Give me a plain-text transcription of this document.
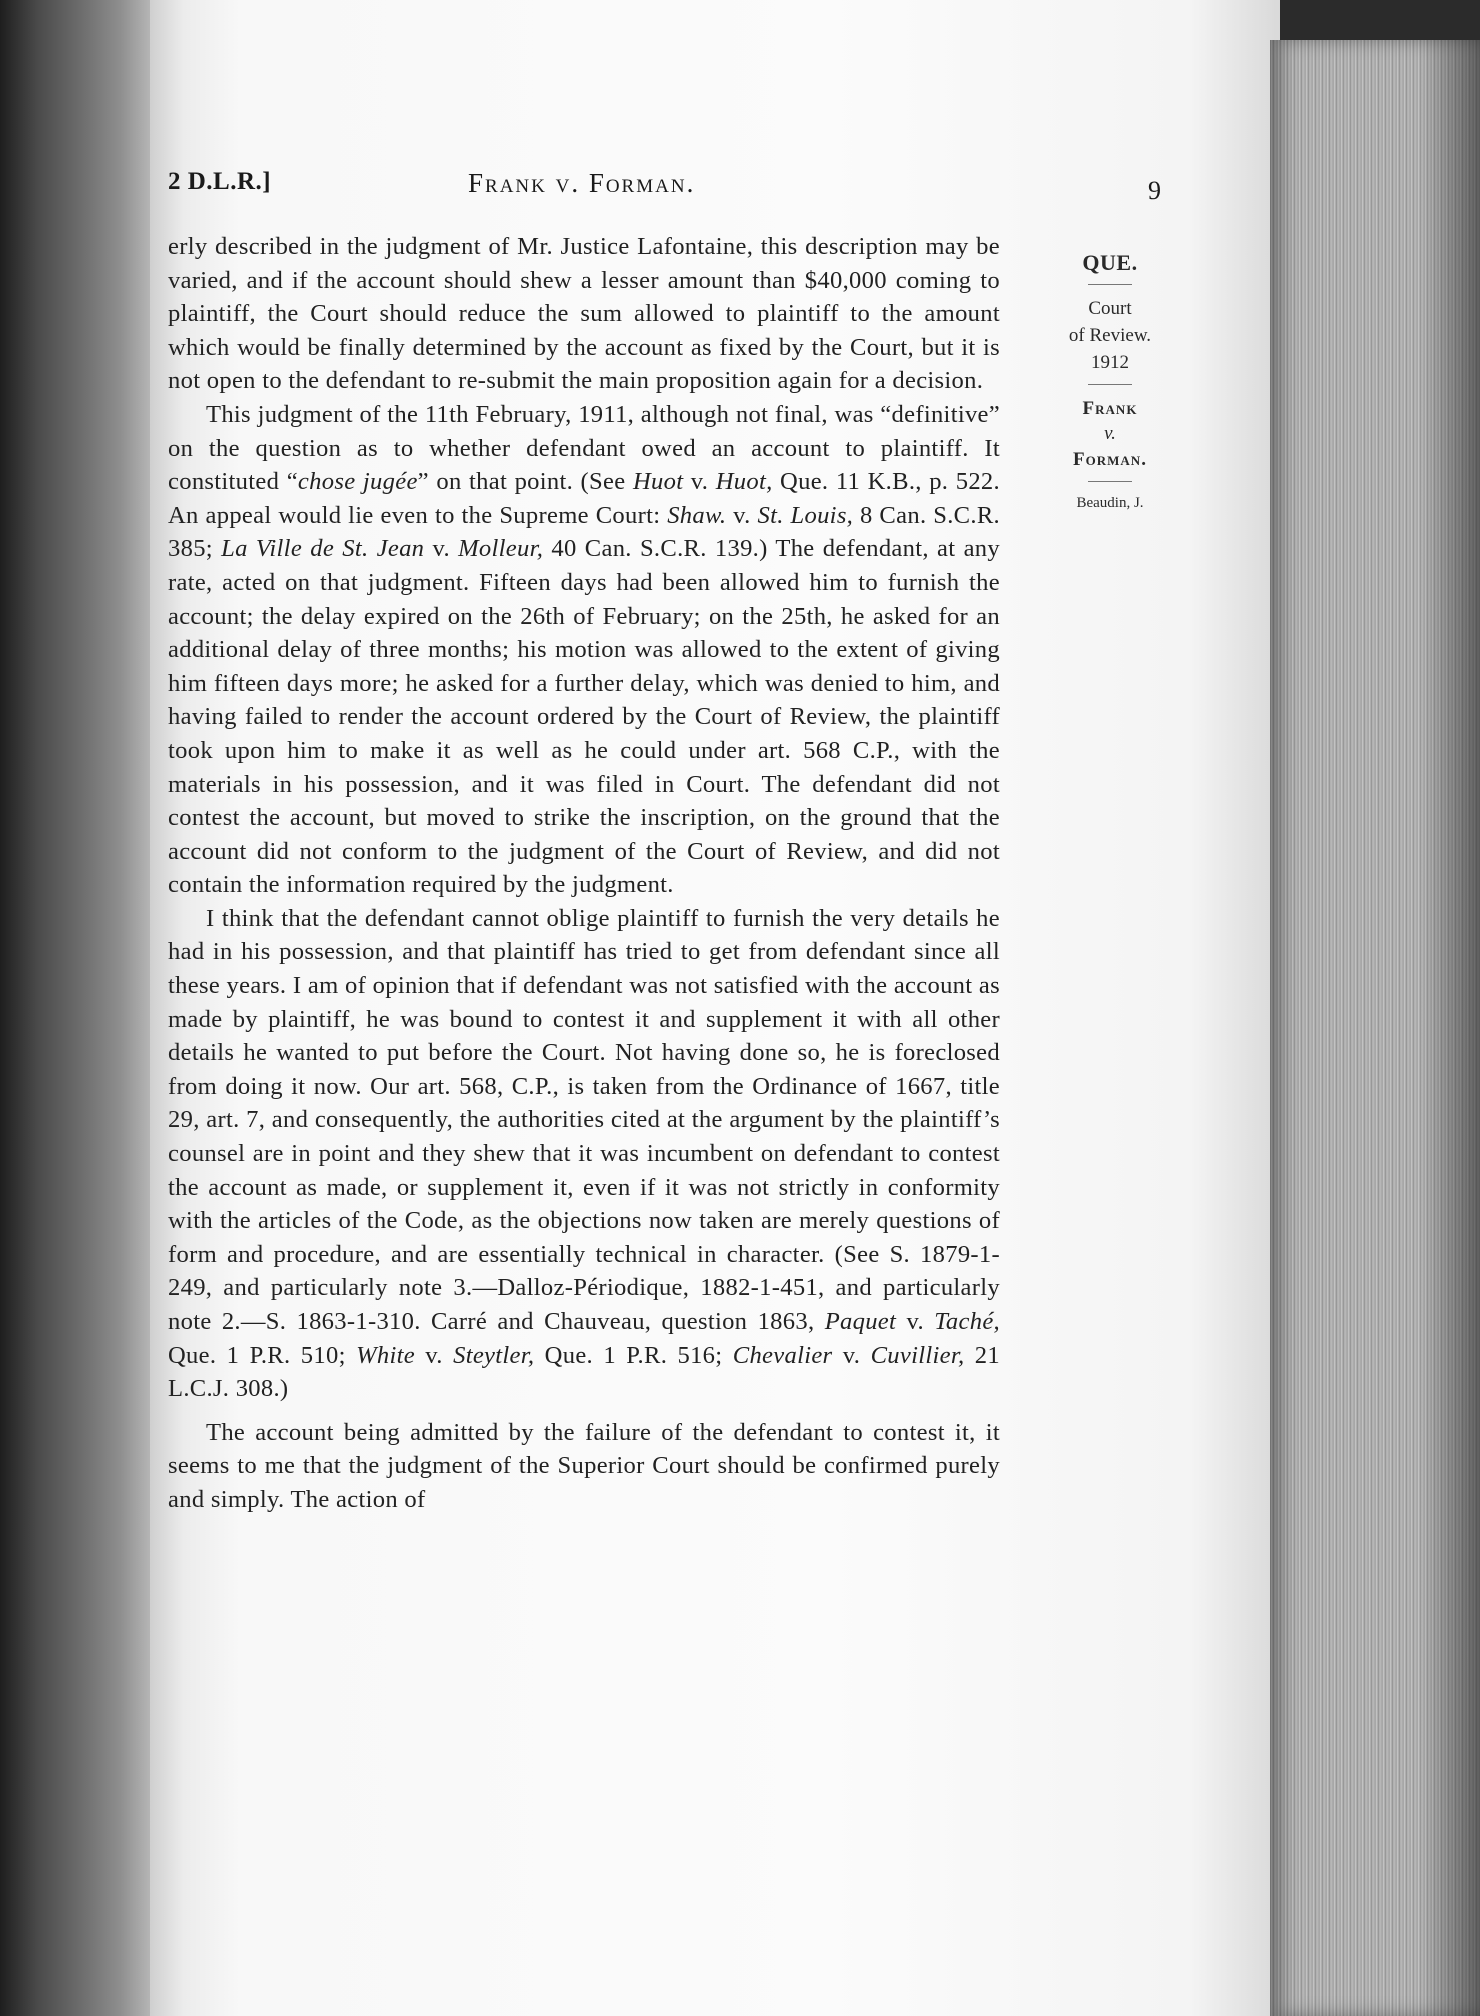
2 D.L.R.]	Frank v. Forman.	9

erly described in the judgment of Mr. Justice Lafontaine, this description may be varied, and if the account should shew a lesser amount than $40,000 coming to plaintiff, the Court should reduce the sum allowed to plaintiff to the amount which would be finally determined by the account as fixed by the Court, but it is not open to the defendant to re-submit the main proposition again for a decision.

This judgment of the 11th February, 1911, although not final, was “definitive” on the question as to whether defendant owed an account to plaintiff. It constituted “chose jugée” on that point. (See Huot v. Huot, Que. 11 K.B., p. 522. An appeal would lie even to the Supreme Court: Shaw. v. St. Louis, 8 Can. S.C.R. 385; La Ville de St. Jean v. Molleur, 40 Can. S.C.R. 139.) The defendant, at any rate, acted on that judgment. Fifteen days had been allowed him to furnish the account; the delay expired on the 26th of February; on the 25th, he asked for an additional delay of three months; his motion was allowed to the extent of giving him fifteen days more; he asked for a further delay, which was denied to him, and having failed to render the account ordered by the Court of Review, the plaintiff took upon him to make it as well as he could under art. 568 C.P., with the materials in his possession, and it was filed in Court. The defendant did not contest the account, but moved to strike the inscription, on the ground that the account did not conform to the judgment of the Court of Review, and did not contain the information required by the judgment.

I think that the defendant cannot oblige plaintiff to furnish the very details he had in his possession, and that plaintiff has tried to get from defendant since all these years. I am of opinion that if defendant was not satisfied with the account as made by plaintiff, he was bound to contest it and supplement it with all other details he wanted to put before the Court. Not having done so, he is foreclosed from doing it now. Our art. 568, C.P., is taken from the Ordinance of 1667, title 29, art. 7, and consequently, the authorities cited at the argument by the plaintiff’s counsel are in point and they shew that it was incumbent on defendant to contest the account as made, or supplement it, even if it was not strictly in conformity with the articles of the Code, as the objections now taken are merely questions of form and procedure, and are essentially technical in character. (See S. 1879-1-249, and particularly note 3.—Dalloz-Périodique, 1882-1-451, and particularly note 2.—S. 1863-1-310. Carré and Chauveau, question 1863, Paquet v. Taché, Que. 1 P.R. 510; White v. Steytler, Que. 1 P.R. 516; Chevalier v. Cuvillier, 21 L.C.J. 308.)

The account being admitted by the failure of the defendant to contest it, it seems to me that the judgment of the Superior Court should be confirmed purely and simply. The action of

QUE.
Court
of Review.
1912
Frank
v.
Forman.
Beaudin, J.
